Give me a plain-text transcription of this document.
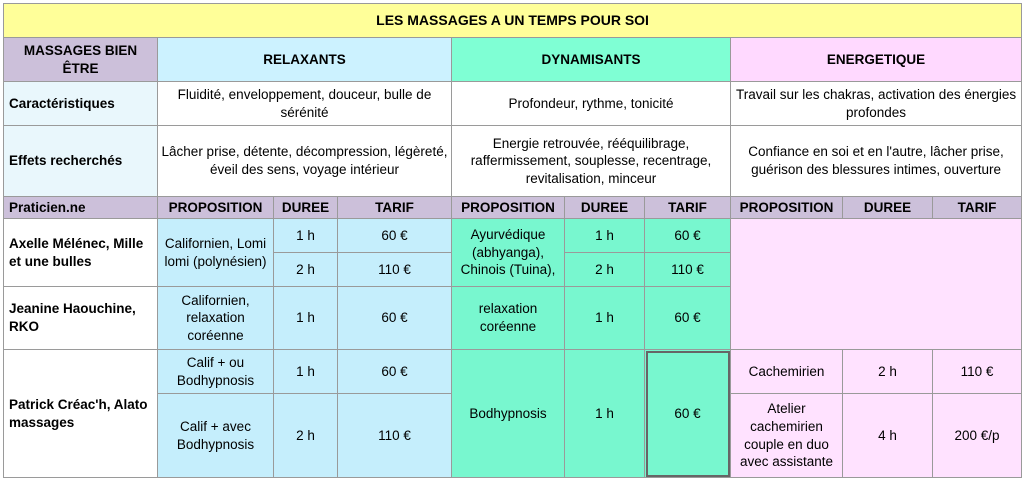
LES MASSAGES A UN TEMPS POUR SOI									
MASSAGES BIEN ÊTRE	RELAXANTS			DYNAMISANTS			ENERGETIQUE		
Caractéristiques	Fluidité, enveloppement, douceur, bulle de sérénité			Profondeur, rythme, tonicité			Travail sur les chakras, activation des énergies profondes		
Effets recherchés	Lâcher prise, détente, décompression, légèreté, éveil des sens, voyage intérieur			Energie retrouvée, rééquilibrage, raffermissement, souplesse, recentrage, revitalisation, minceur			Confiance en soi et en l'autre, lâcher prise, guérison des blessures intimes, ouverture		
Praticien.ne	PROPOSITION	DUREE	TARIF	PROPOSITION	DUREE	TARIF	PROPOSITION	DUREE	TARIF
Axelle Mélénec, Mille et une bulles	Californien, Lomi lomi (polynésien)	1 h	60 €	Ayurvédique (abhyanga), Chinois (Tuina),	1 h	60 €			
		2 h	110 €		2 h	110 €			
Jeanine Haouchine, RKO	Californien, relaxation coréenne	1 h	60 €	relaxation coréenne	1 h	60 €			
Patrick Créac'h, Alato massages	Calif + ou Bodhypnosis	1 h	60 €	Bodhypnosis	1 h	60 €	Cachemirien	2 h	110 €
	Calif + avec Bodhypnosis	2 h	110 €				Atelier cachemirien couple en duo avec assistante	4 h	200 €/p
